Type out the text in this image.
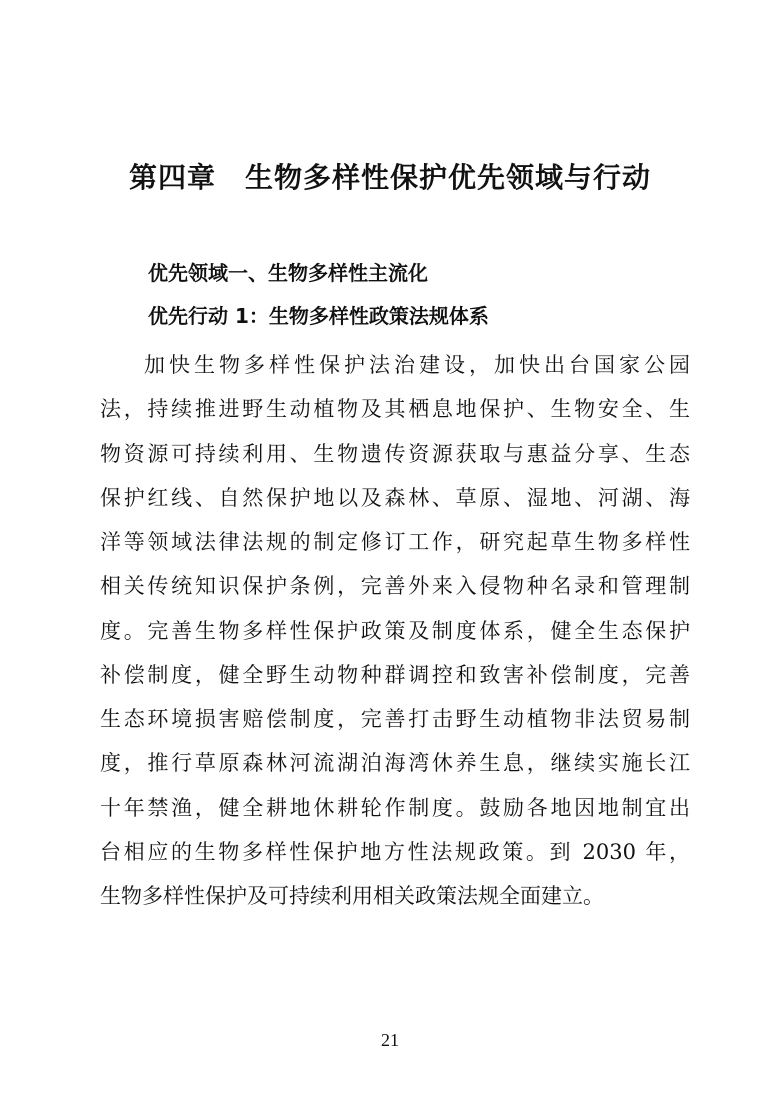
第四章　生物多样性保护优先领域与行动
优先领域一、生物多样性主流化
优先行动 1：生物多样性政策法规体系
加快生物多样性保护法治建设，加快出台国家公园
法，持续推进野生动植物及其栖息地保护、生物安全、生
物资源可持续利用、生物遗传资源获取与惠益分享、生态
保护红线、自然保护地以及森林、草原、湿地、河湖、海
洋等领域法律法规的制定修订工作，研究起草生物多样性
相关传统知识保护条例，完善外来入侵物种名录和管理制
度。完善生物多样性保护政策及制度体系，健全生态保护
补偿制度，健全野生动物种群调控和致害补偿制度，完善
生态环境损害赔偿制度，完善打击野生动植物非法贸易制
度，推行草原森林河流湖泊海湾休养生息，继续实施长江
十年禁渔，健全耕地休耕轮作制度。鼓励各地因地制宜出
台相应的生物多样性保护地方性法规政策。到 2030 年，
生物多样性保护及可持续利用相关政策法规全面建立。
21
